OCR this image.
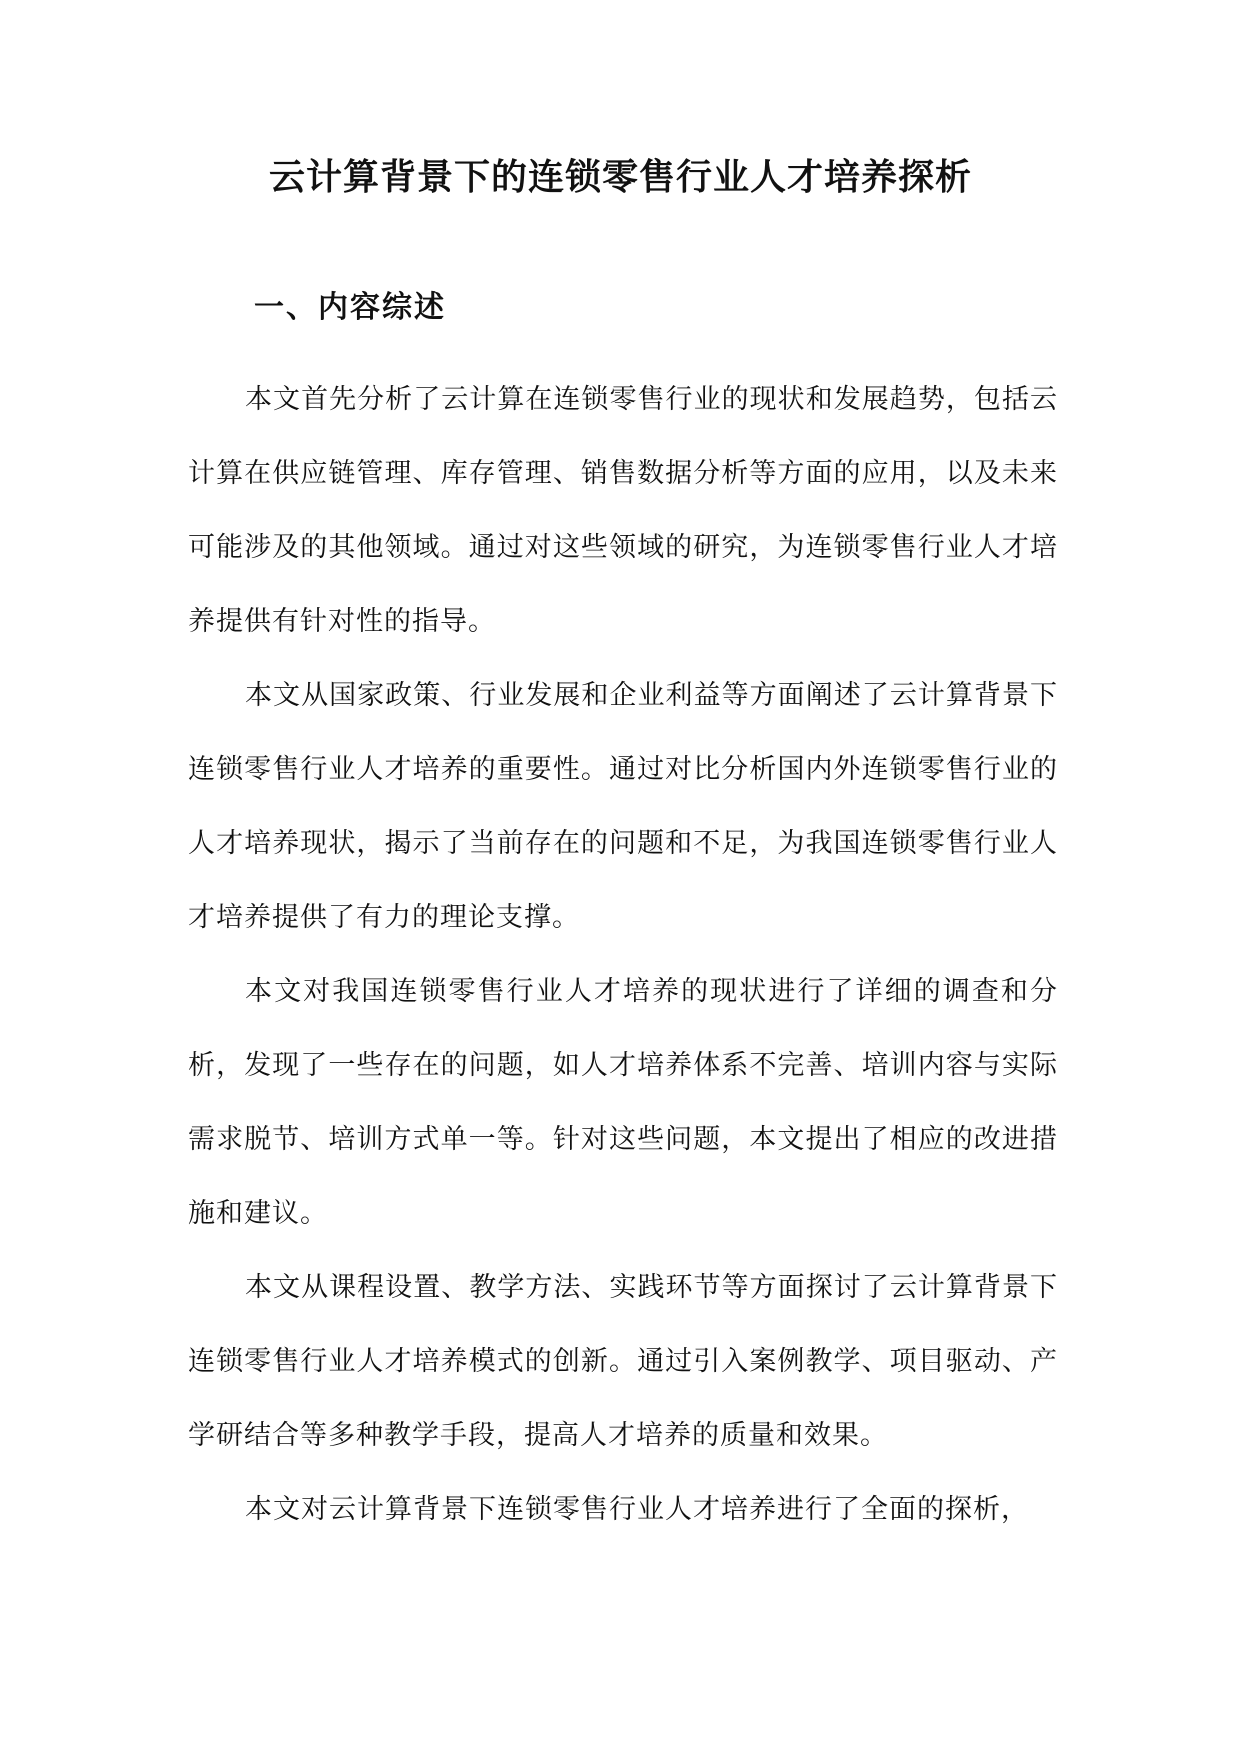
云计算背景下的连锁零售行业人才培养探析
一、内容综述

本文首先分析了云计算在连锁零售行业的现状和发展趋势，包括云计算在供应链管理、库存管理、销售数据分析等方面的应用，以及未来可能涉及的其他领域。通过对这些领域的研究，为连锁零售行业人才培养提供有针对性的指导。

本文从国家政策、行业发展和企业利益等方面阐述了云计算背景下连锁零售行业人才培养的重要性。通过对比分析国内外连锁零售行业的人才培养现状，揭示了当前存在的问题和不足，为我国连锁零售行业人才培养提供了有力的理论支撑。

本文对我国连锁零售行业人才培养的现状进行了详细的调查和分析，发现了一些存在的问题，如人才培养体系不完善、培训内容与实际需求脱节、培训方式单一等。针对这些问题，本文提出了相应的改进措施和建议。

本文从课程设置、教学方法、实践环节等方面探讨了云计算背景下连锁零售行业人才培养模式的创新。通过引入案例教学、项目驱动、产学研结合等多种教学手段，提高人才培养的质量和效果。

本文对云计算背景下连锁零售行业人才培养进行了全面的探析，
